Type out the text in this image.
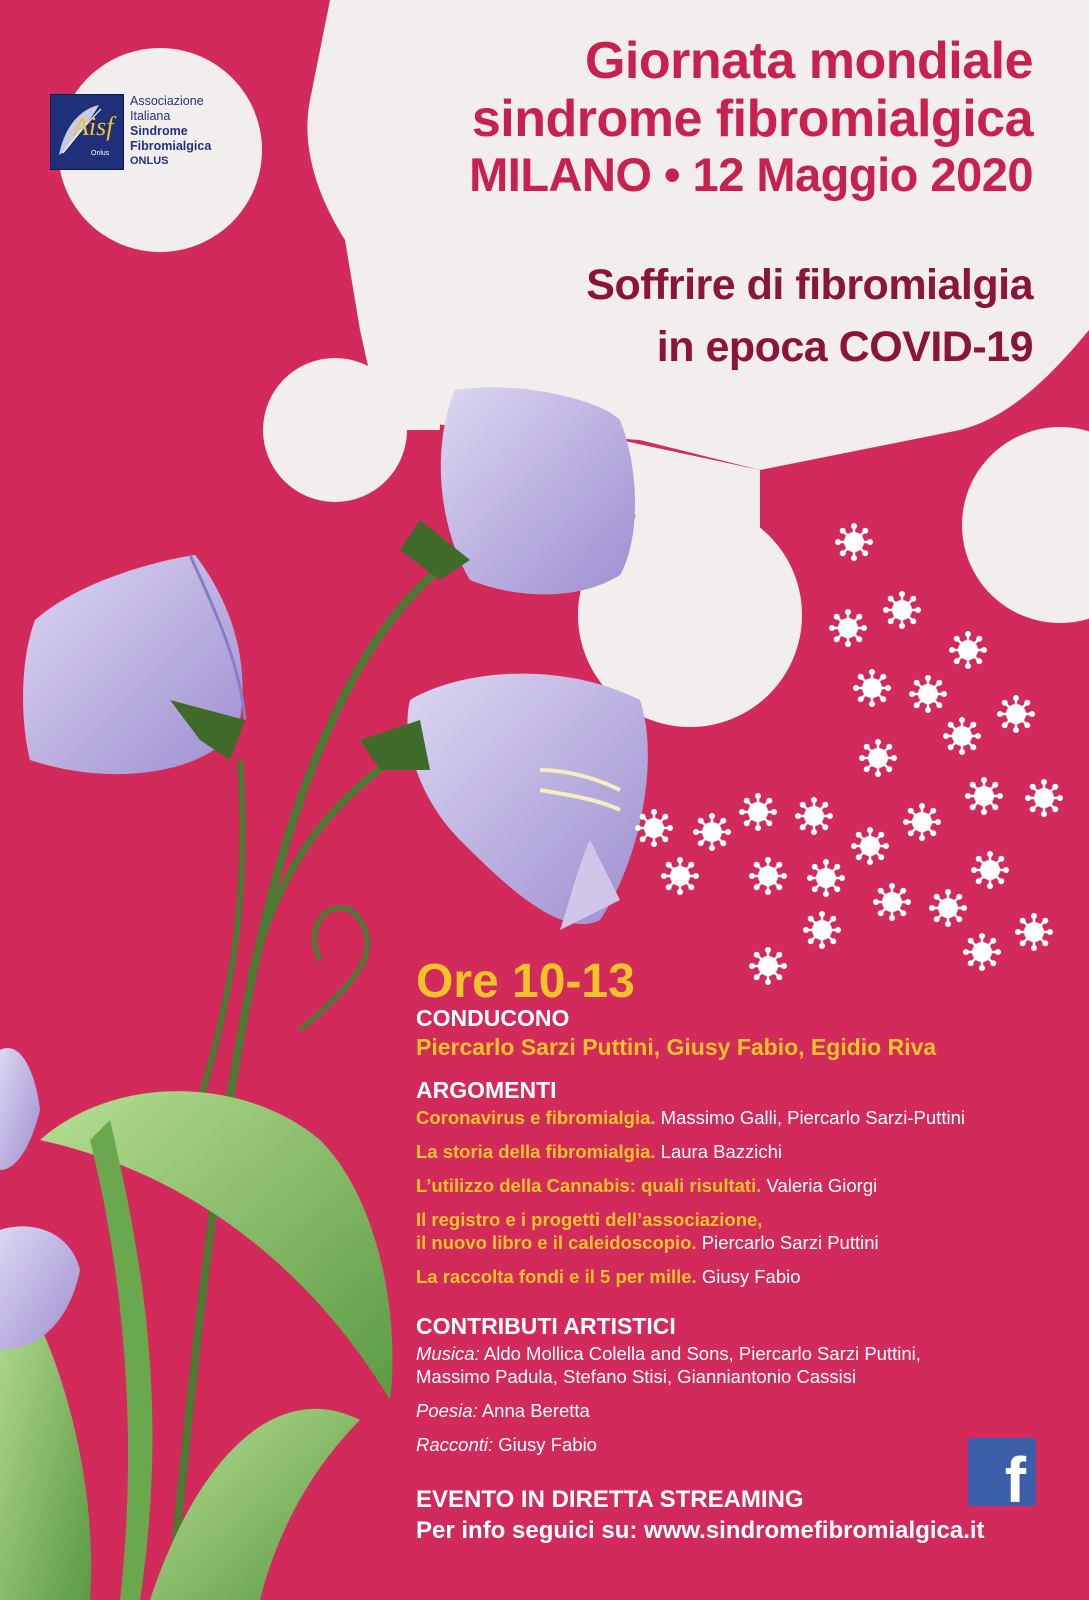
Aisf
Onlus
Associazione
Italiana
Sindrome
Fibromialgica
ONLUS
Giornata mondiale
sindrome fibromialgica
MILANO • 12 Maggio 2020
Soffrire di fibromialgia
in epoca COVID-19
Ore 10-13
CONDUCONO
Piercarlo Sarzi Puttini, Giusy Fabio, Egidio Riva
ARGOMENTI
Coronavirus e fibromialgia. Massimo Galli, Piercarlo Sarzi-Puttini
La storia della fibromialgia. Laura Bazzichi
L’utilizzo della Cannabis: quali risultati. Valeria Giorgi
Il registro e i progetti dell’associazione,
il nuovo libro e il caleidoscopio. Piercarlo Sarzi Puttini
La raccolta fondi e il 5 per mille. Giusy Fabio
CONTRIBUTI ARTISTICI
Musica: Aldo Mollica Colella and Sons, Piercarlo Sarzi Puttini,
Massimo Padula, Stefano Stisi, Gianniantonio Cassisi
Poesia: Anna Beretta
Racconti: Giusy Fabio
EVENTO IN DIRETTA STREAMING
Per info seguici su: www.sindromefibromialgica.it
f
